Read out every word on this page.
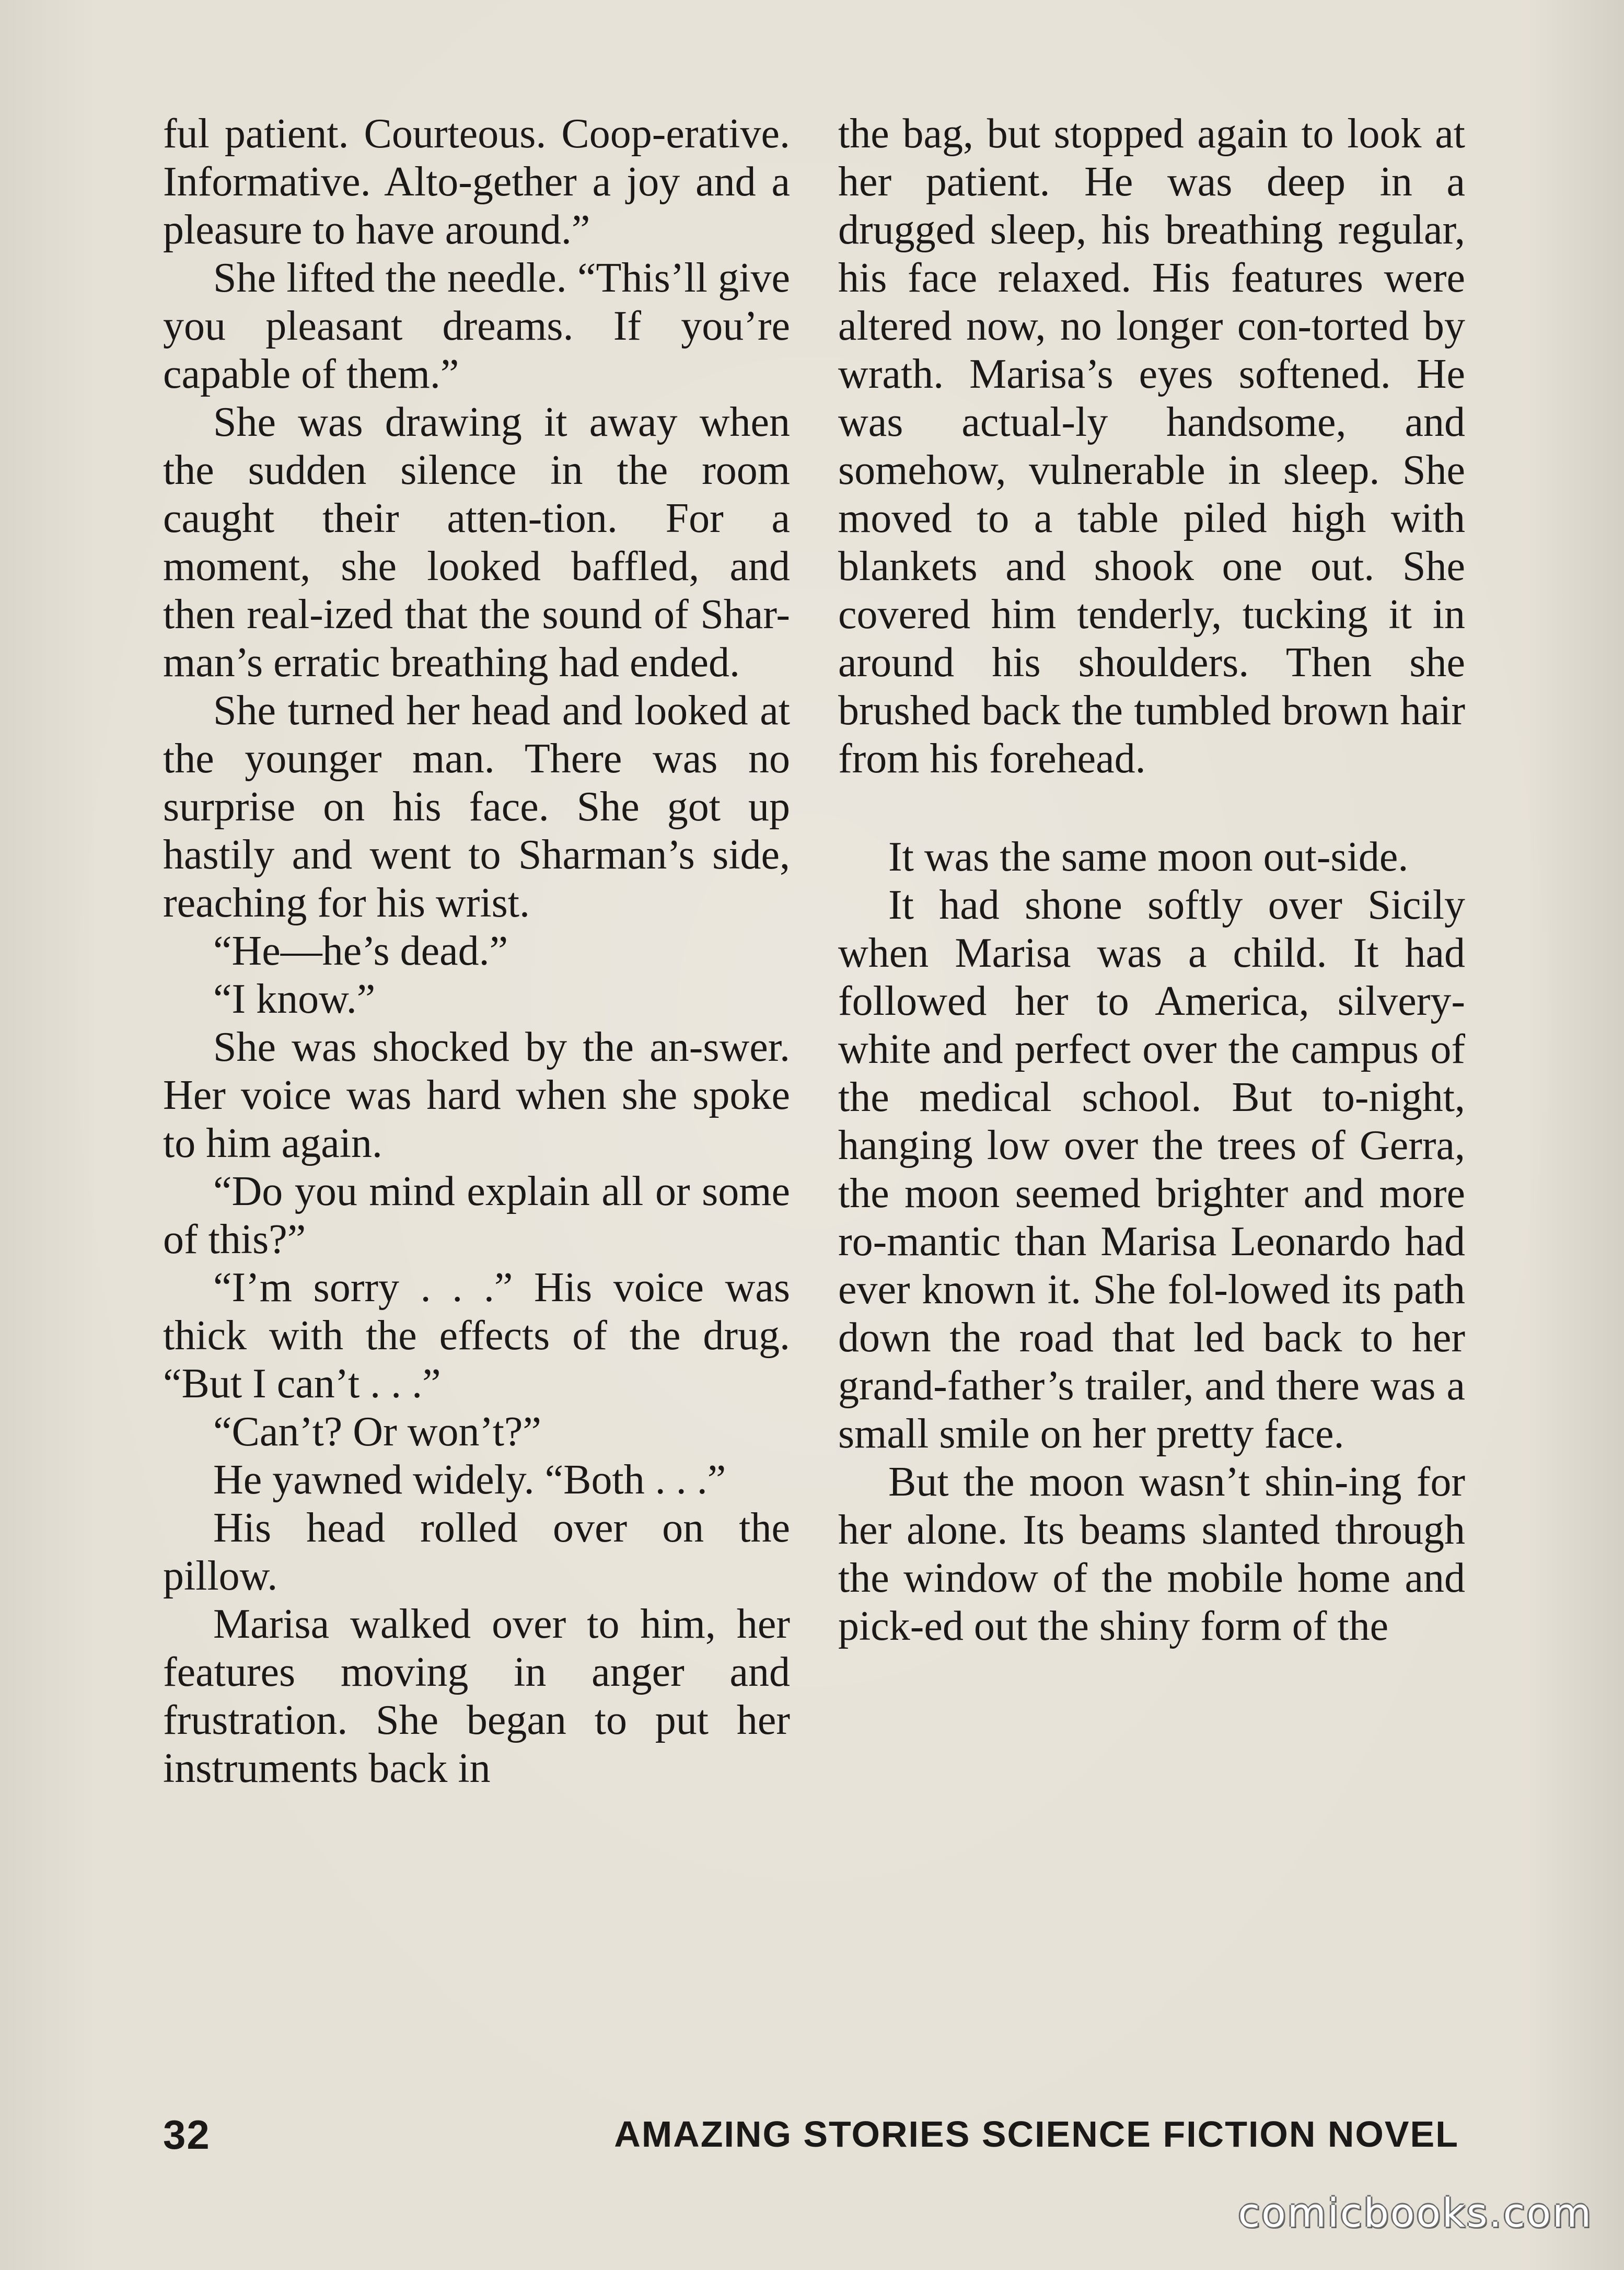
ful patient. Courteous. Coop-erative. Informative. Alto-gether a joy and a pleasure to have around.”

She lifted the needle. “This’ll give you pleasant dreams. If you’re capable of them.”

She was drawing it away when the sudden silence in the room caught their atten-tion. For a moment, she looked baffled, and then real-ized that the sound of Shar-man’s erratic breathing had ended.

She turned her head and looked at the younger man. There was no surprise on his face. She got up hastily and went to Sharman’s side, reaching for his wrist.

“He—he’s dead.”

“I know.”

She was shocked by the an-swer. Her voice was hard when she spoke to him again.

“Do you mind explain all or some of this?”

“I’m sorry . . .” His voice was thick with the effects of the drug. “But I can’t . . .”

“Can’t? Or won’t?”

He yawned widely. “Both . . .”

His head rolled over on the pillow.

Marisa walked over to him, her features moving in anger and frustration. She began to put her instruments back in

the bag, but stopped again to look at her patient. He was deep in a drugged sleep, his breathing regular, his face relaxed. His features were altered now, no longer con-torted by wrath. Marisa’s eyes softened. He was actual-ly handsome, and somehow, vulnerable in sleep. She moved to a table piled high with blankets and shook one out. She covered him tenderly, tucking it in around his shoulders. Then she brushed back the tumbled brown hair from his forehead.

It was the same moon out-side.

It had shone softly over Sicily when Marisa was a child. It had followed her to America, silvery-white and perfect over the campus of the medical school. But to-night, hanging low over the trees of Gerra, the moon seemed brighter and more ro-mantic than Marisa Leonardo had ever known it. She fol-lowed its path down the road that led back to her grand-father’s trailer, and there was a small smile on her pretty face.

But the moon wasn’t shin-ing for her alone. Its beams slanted through the window of the mobile home and pick-ed out the shiny form of the

32	AMAZING STORIES SCIENCE FICTION NOVEL
comicbooks.com
